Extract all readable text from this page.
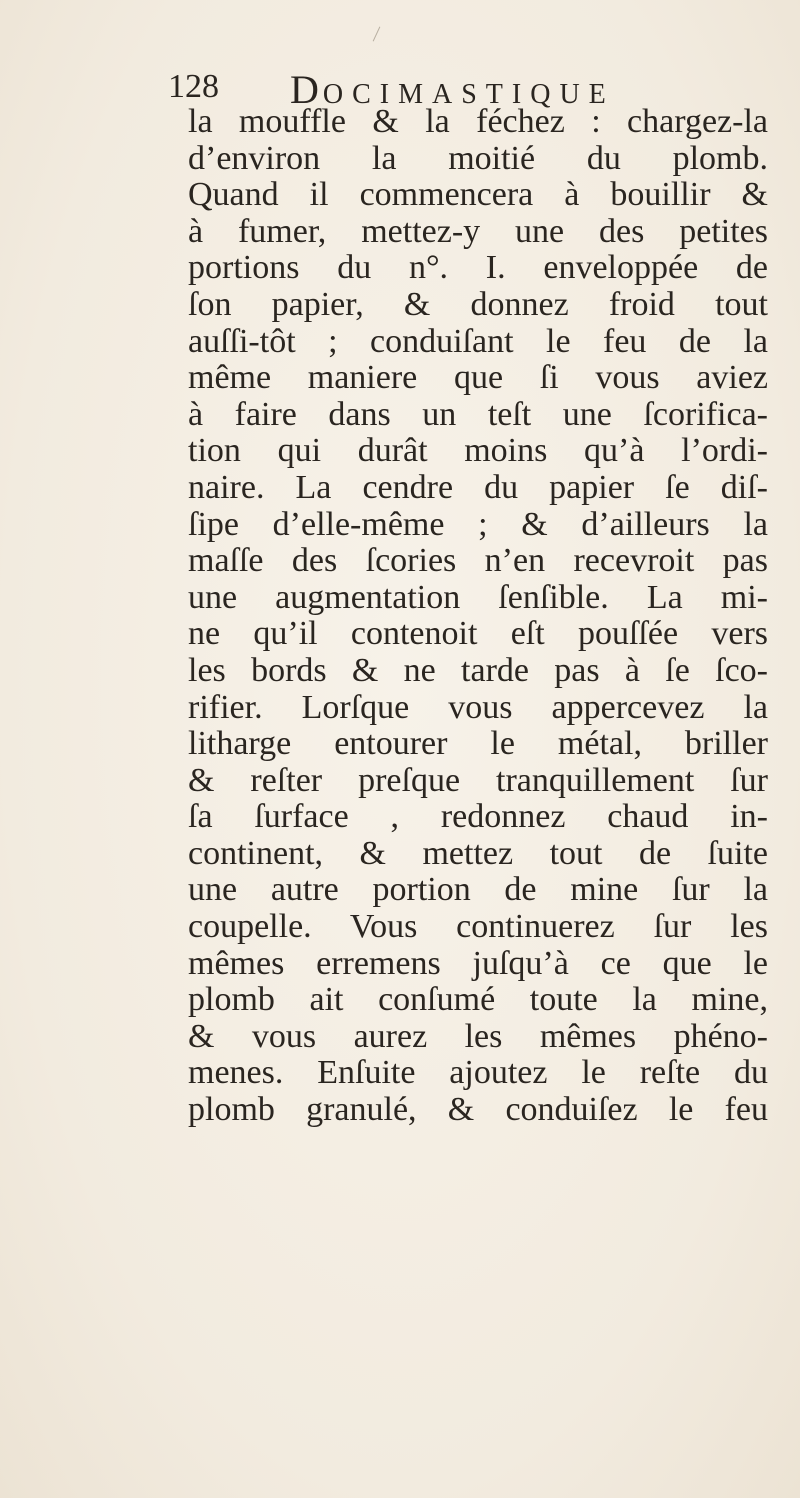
128 DOCIMASTIQUE
la mouffle & la féchez : chargez-la
d’environ la moitié du plomb.
Quand il commencera à bouillir &
à fumer, mettez-y une des petites
portions du n°. I. enveloppée de
ſon papier, & donnez froid tout
auſſi-tôt ; conduiſant le feu de la
même maniere que ſi vous aviez
à faire dans un teſt une ſcorifica-
tion qui durât moins qu’à l’ordi-
naire. La cendre du papier ſe diſ-
ſipe d’elle-même ; & d’ailleurs la
maſſe des ſcories n’en recevroit pas
une augmentation ſenſible. La mi-
ne qu’il contenoit eſt pouſſée vers
les bords & ne tarde pas à ſe ſco-
rifier. Lorſque vous appercevez la
litharge entourer le métal, briller
& reſter preſque tranquillement ſur
ſa ſurface , redonnez chaud in-
continent, & mettez tout de ſuite
une autre portion de mine ſur la
coupelle. Vous continuerez ſur les
mêmes erremens juſqu’à ce que le
plomb ait conſumé toute la mine,
& vous aurez les mêmes phéno-
menes. Enſuite ajoutez le reſte du
plomb granulé, & conduiſez le feu
